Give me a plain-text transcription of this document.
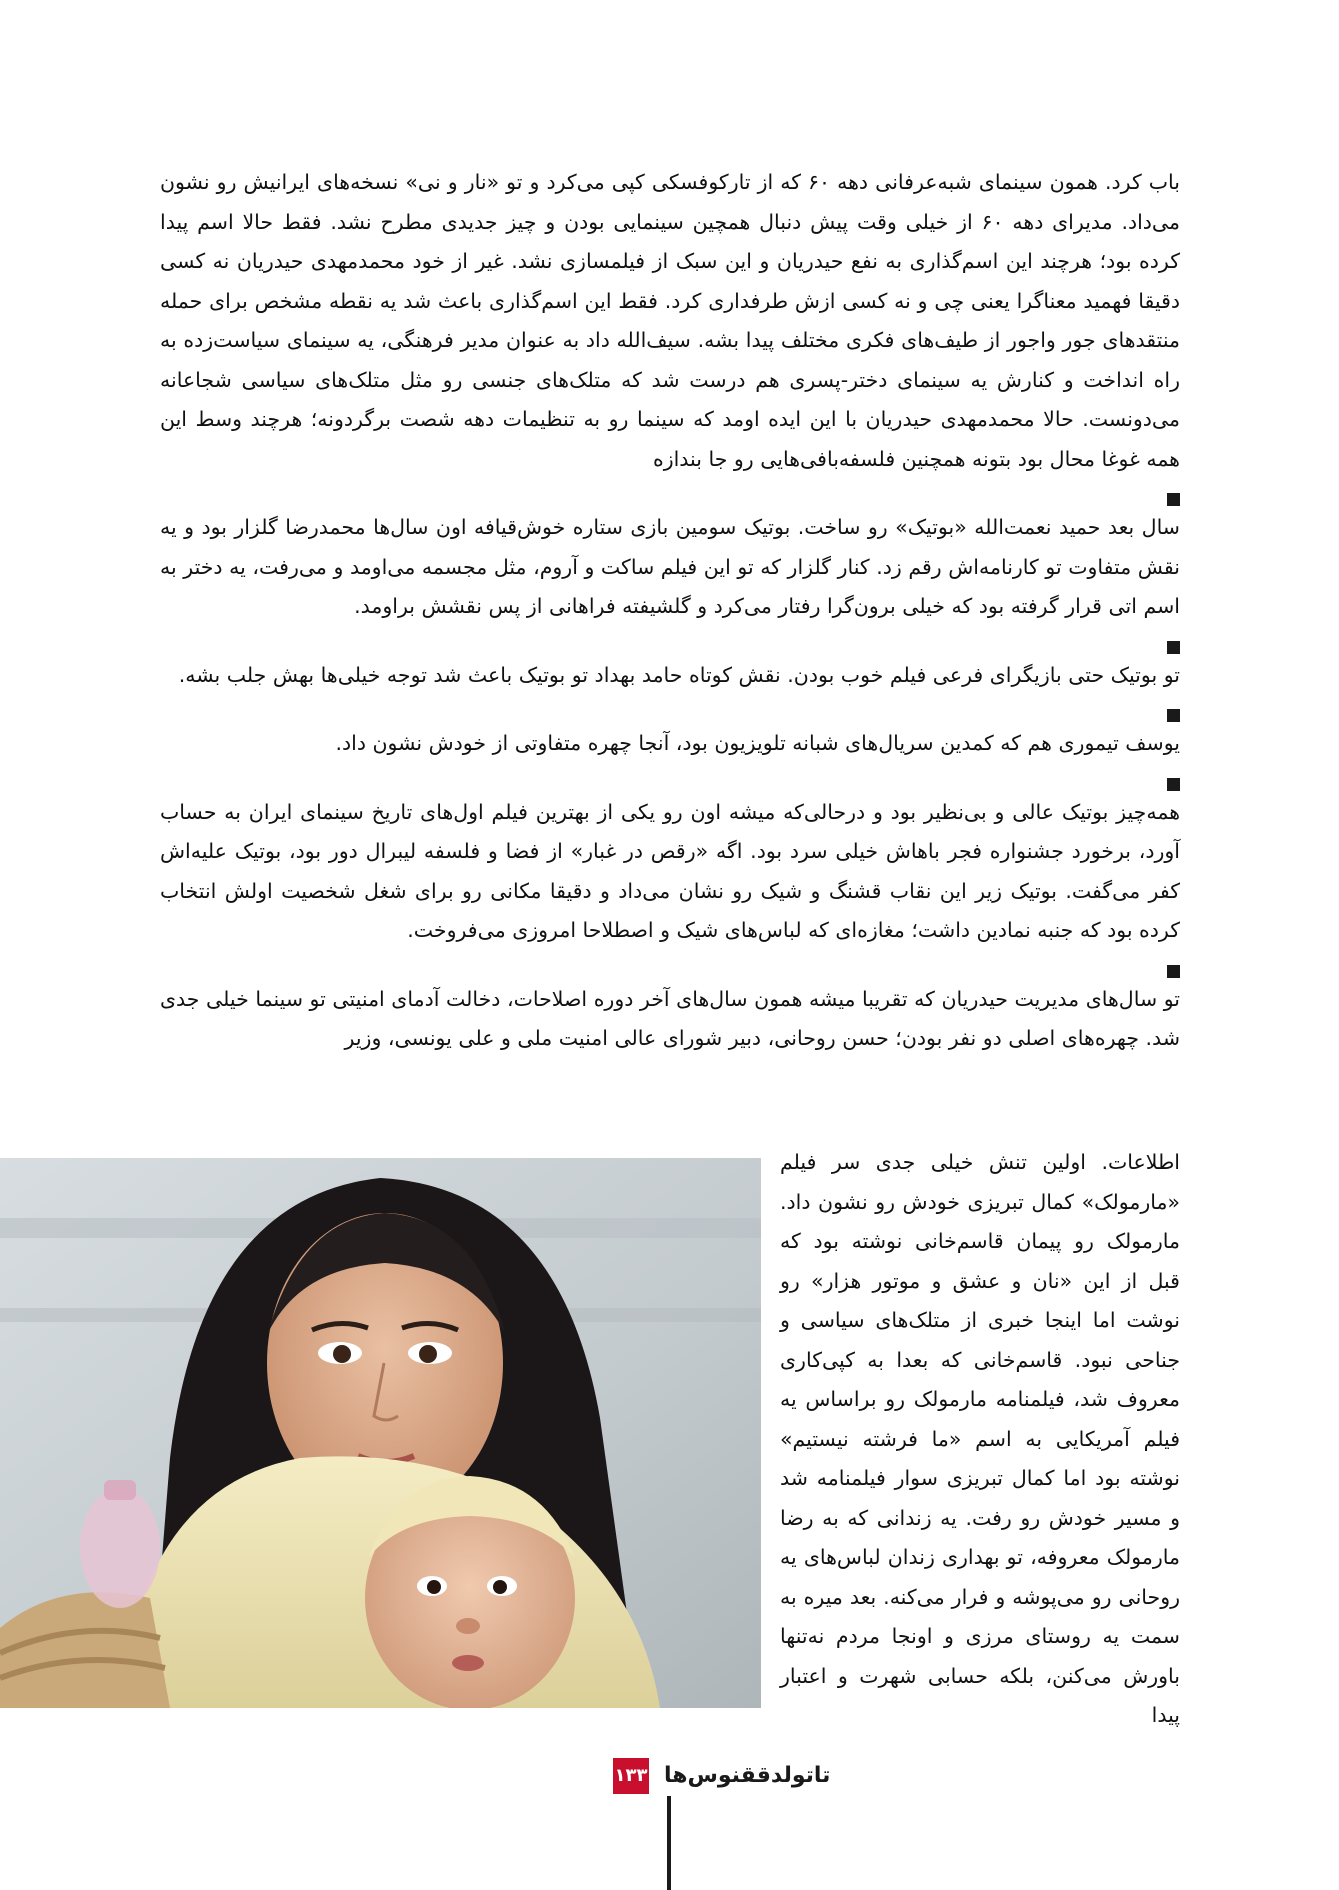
باب کرد. همون سینمای شبه‌عرفانی دهه ۶۰ که از تارکوفسکی کپی می‌کرد و تو «نار و نی» نسخه‌های ایرانیش رو نشون می‌داد. مدیرای دهه ۶۰ از خیلی وقت پیش دنبال همچین سینمایی بودن و چیز جدیدی مطرح نشد. فقط حالا اسم پیدا کرده بود؛ هرچند این اسم‌گذاری به نفع حیدریان و این سبک از فیلمسازی نشد. غیر از خود محمدمهدی حیدریان نه کسی دقیقا فهمید معناگرا یعنی چی و نه کسی ازش طرفداری کرد. فقط این اسم‌گذاری باعث شد یه نقطه مشخص برای حمله منتقدهای جور واجور از طیف‌های فکری مختلف پیدا بشه. سیف‌الله داد به عنوان مدیر فرهنگی، یه سینمای سیاست‌زده به راه انداخت و کنارش یه سینمای دختر-پسری هم درست شد که متلک‌های جنسی رو مثل متلک‌های سیاسی شجاعانه می‌دونست. حالا محمدمهدی حیدریان با این ایده اومد که سینما رو به تنظیمات دهه شصت برگردونه؛ هرچند وسط این همه غوغا محال بود بتونه همچنین فلسفه‌بافی‌هایی رو جا بندازه

سال بعد حمید نعمت‌الله «بوتیک» رو ساخت. بوتیک سومین بازی ستاره خوش‌قیافه اون سال‌ها محمدرضا گلزار بود و یه نقش متفاوت تو کارنامه‌اش رقم زد. کنار گلزار که تو این فیلم ساکت و آروم، مثل مجسمه می‌اومد و می‌رفت، یه دختر به اسم اتی قرار گرفته بود که خیلی برون‌گرا رفتار می‌کرد و گلشیفته فراهانی از پس نقشش براومد.

تو بوتیک حتی بازیگرای فرعی فیلم خوب بودن. نقش کوتاه حامد بهداد تو بوتیک باعث شد توجه خیلی‌ها بهش جلب بشه.

یوسف تیموری هم که کمدین سریال‌های شبانه تلویزیون بود، آنجا چهره متفاوتی از خودش نشون داد.

همه‌چیز بوتیک عالی و بی‌نظیر بود و درحالی‌که میشه اون رو یکی از بهترین فیلم اول‌های تاریخ سینمای ایران به حساب آورد، برخورد جشنواره فجر باهاش خیلی سرد بود. اگه «رقص در غبار» از فضا و فلسفه لیبرال دور بود، بوتیک علیه‌اش کفر می‌گفت. بوتیک زیر این نقاب قشنگ و شیک رو نشان می‌داد و دقیقا مکانی رو برای شغل شخصیت اولش انتخاب کرده بود که جنبه نمادین داشت؛ مغازه‌ای که لباس‌های شیک و اصطلاحا امروزی می‌فروخت.

تو سال‌های مدیریت حیدریان که تقریبا میشه همون سال‌های آخر دوره اصلاحات، دخالت آدمای امنیتی تو سینما خیلی جدی شد. چهره‌های اصلی دو نفر بودن؛ حسن روحانی، دبیر شورای عالی امنیت ملی و علی یونسی، وزیر

اطلاعات. اولین تنش خیلی جدی سر فیلم «مارمولک» کمال تبریزی خودش رو نشون داد. مارمولک رو پیمان قاسم‌خانی نوشته بود که قبل از این «نان و عشق و موتور هزار» رو نوشت اما اینجا خبری از متلک‌های سیاسی و جناحی نبود. قاسم‌خانی که بعدا به کپی‌کاری معروف شد، فیلمنامه مارمولک رو براساس یه فیلم آمریکایی به اسم «ما فرشته نیستیم» نوشته بود اما کمال تبریزی سوار فیلمنامه شد و مسیر خودش رو رفت. یه زندانی که به رضا مارمولک معروفه، تو بهداری زندان لباس‌های یه روحانی رو می‌پوشه و فرار می‌کنه. بعد میره به سمت یه روستای مرزی و اونجا مردم نه‌تنها باورش می‌کنن، بلکه حسابی شهرت و اعتبار پیدا

۱۳۳ تاتولدققنوس‌ها
